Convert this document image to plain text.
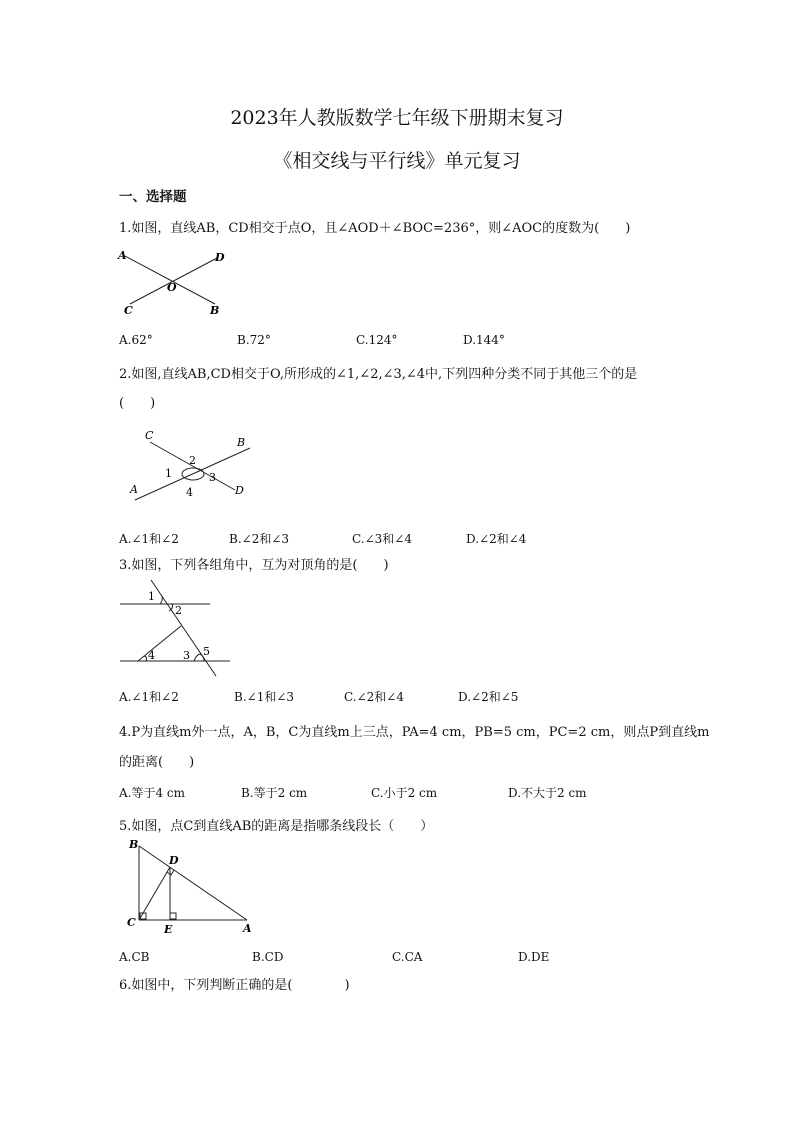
2023年人教版数学七年级下册期末复习
《相交线与平行线》单元复习
一、选择题
1.如图，直线AB，CD相交于点O，且∠AOD＋∠BOC=236°，则∠AOC的度数为(　　)
A	D
O
C	B
A.62°	B.72°	C.124°	D.144°
2.如图,直线AB,CD相交于O,所形成的∠1,∠2,∠3,∠4中,下列四种分类不同于其他三个的是
(　　)
C
B
2
1	3
A	4	D
A.∠1和∠2	B.∠2和∠3	C.∠3和∠4	D.∠2和∠4
3.如图，下列各组角中，互为对顶角的是(　　)
1
2
4	3 5
A.∠1和∠2	B.∠1和∠3	C.∠2和∠4	D.∠2和∠5
4.P为直线m外一点，A，B，C为直线m上三点，PA=4 cm，PB=5 cm，PC=2 cm，则点P到直线m
的距离(　　)
A.等于4 cm	B.等于2 cm	C.小于2 cm	D.不大于2 cm
5.如图，点C到直线AB的距离是指哪条线段长（　　）
B
D
C
E	A
A.CB	B.CD	C.CA	D.DE
6.如图中，下列判断正确的是(　　　　)
